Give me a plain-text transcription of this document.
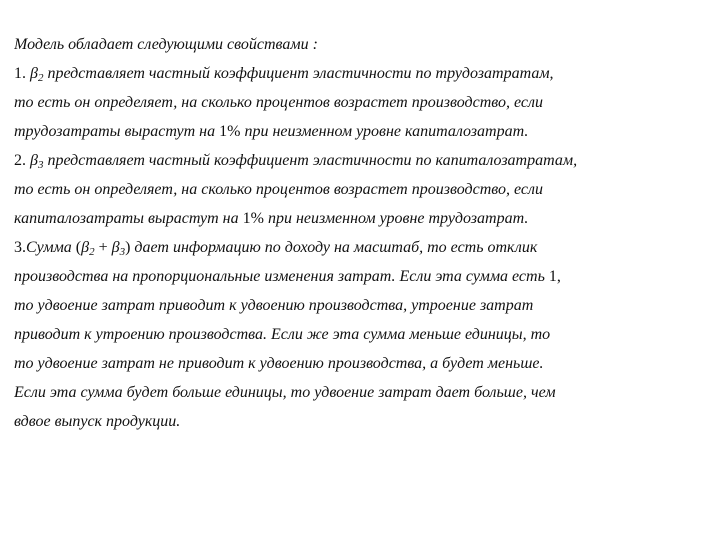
Модель обладает следующими свойствами :
1. $\beta_2$ представляет частный коэффициент эластичности по трудозатратам,
то есть он определяет, на сколько процентов возрастет производство, если
трудозатраты вырастут на 1% при неизменном уровне капиталозатрат.
2. $\beta_3$ представляет частный коэффициент эластичности по капиталозатратам,
то есть он определяет, на сколько процентов возрастет производство, если
капиталозатраты вырастут на 1% при неизменном уровне трудозатрат.
3.Сумма $(\beta_2 + \beta_3)$ дает информацию по доходу на масштаб, то есть отклик
производства на пропорциональные изменения затрат. Если эта сумма есть 1,
то удвоение затрат приводит к удвоению производства, утроение затрат
приводит к утроению производства. Если же эта сумма меньше единицы, то
то удвоение затрат не приводит к удвоению производства, а будет меньше.
Если эта сумма будет больше единицы, то удвоение затрат дает больше, чем
вдвое выпуск продукции.
